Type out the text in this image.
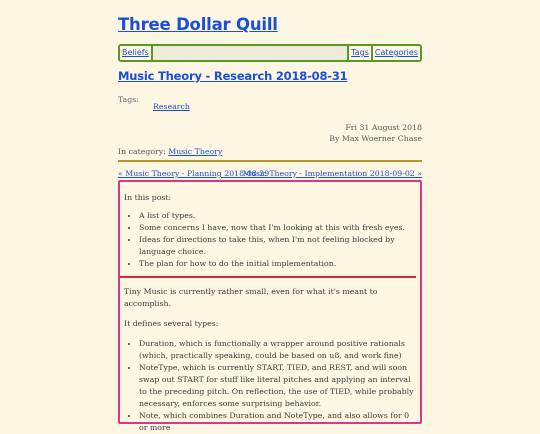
Three Dollar Quill
Beliefs	Tags Categories
Music Theory - Research 2018-08-31
Tags:
Research
Fri 31 August 2018
By Max Woerner Chase
In category: Music Theory
« Music Theory - Planning 2018-08-29
Music Theory - Implementation 2018-09-02 »

In this post:

• A list of types.
• Some concerns I have, now that I'm looking at this with fresh eyes.
• Ideas for directions to take this, when I'm not feeling blocked by language choice.
• The plan for how to do the initial implementation.

Tiny Music is currently rather small, even for what it's meant to accomplish.

It defines several types:

• Duration, which is functionally a wrapper around positive rationals (which, practically speaking, could be based on u8, and work fine)
• NoteType, which is currently START, TIED, and REST, and will soon swap out START for stuff like literal pitches and applying an interval to the preceding pitch. On reflection, the use of TIED, while probably necessary, enforces some surprising behavior.
• Note, which combines Duration and NoteType, and also allows for 0 or more
